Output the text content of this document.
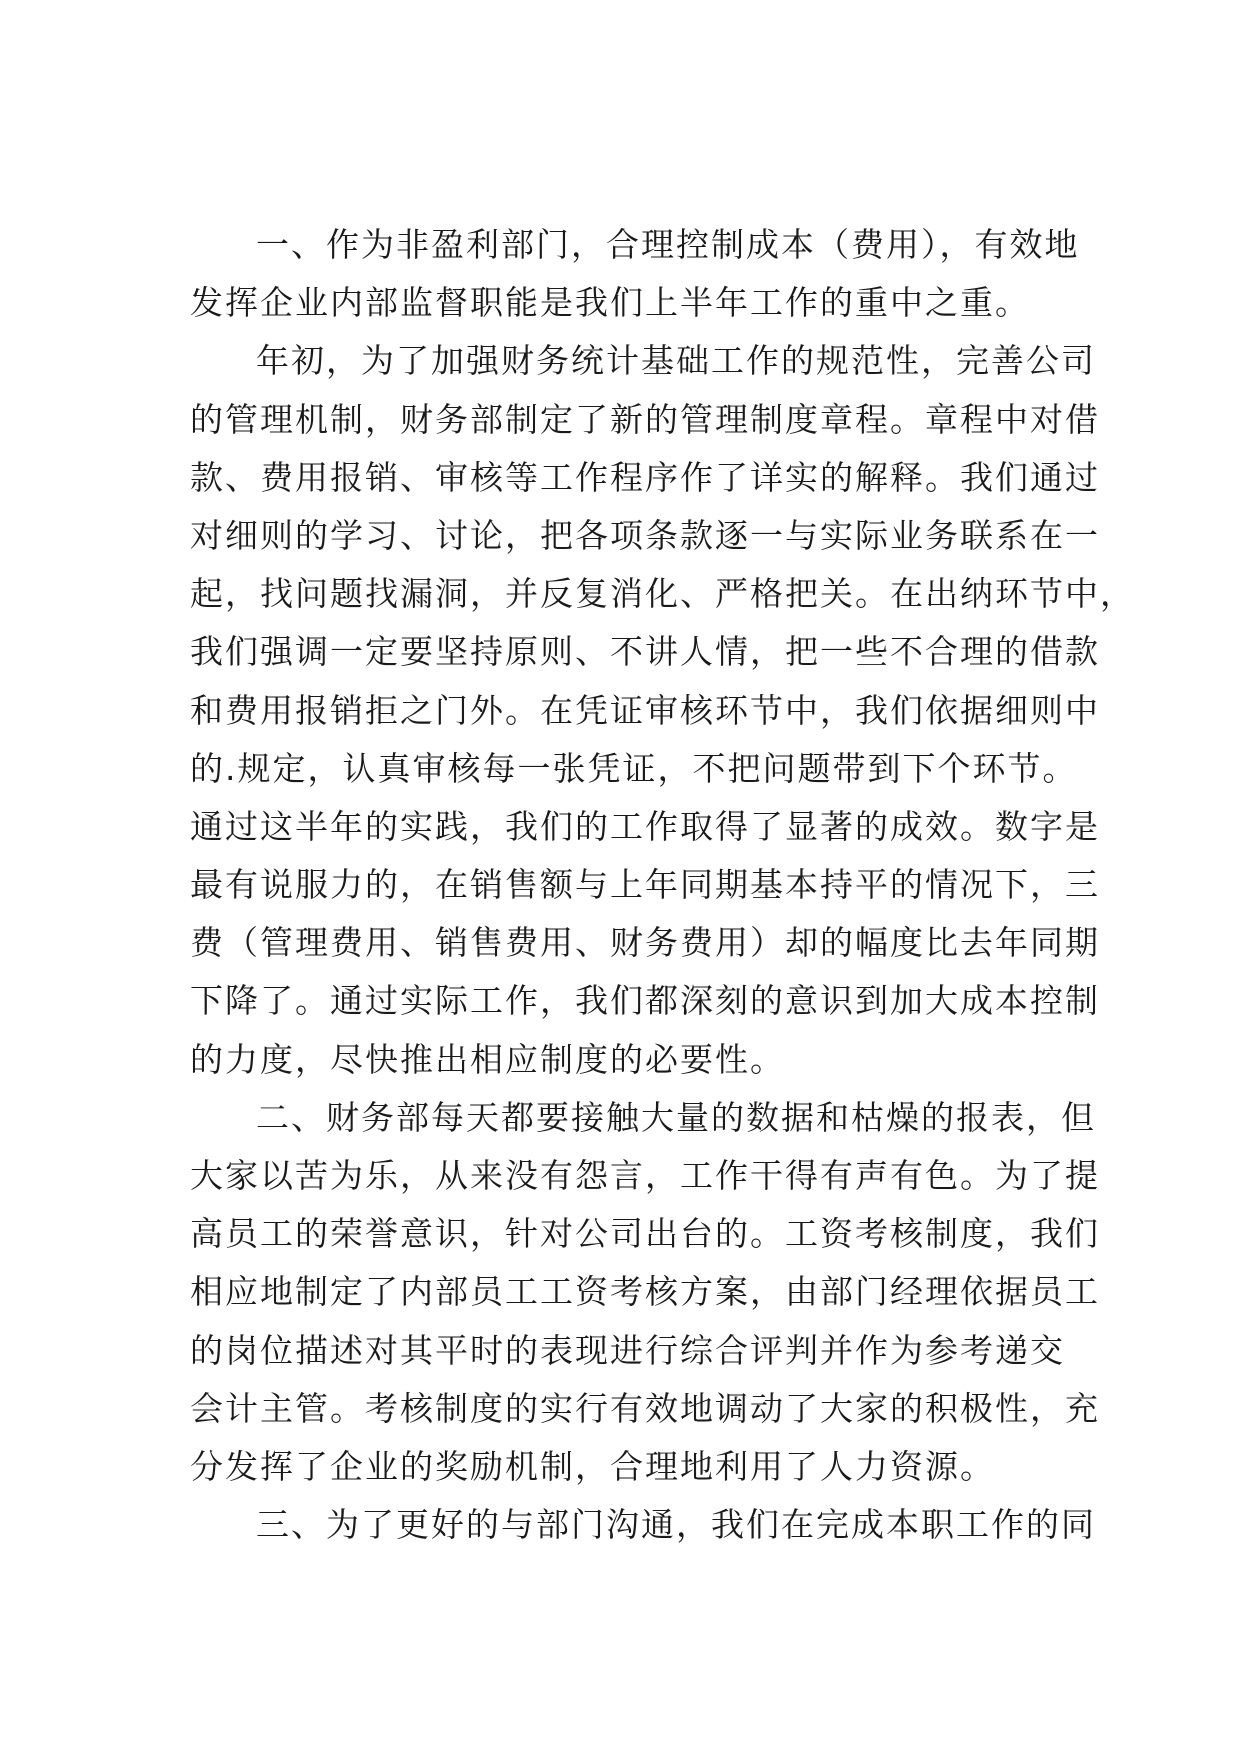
一、作为非盈利部门，合理控制成本（费用），有效地
发挥企业内部监督职能是我们上半年工作的重中之重。
年初，为了加强财务统计基础工作的规范性，完善公司
的管理机制，财务部制定了新的管理制度章程。章程中对借
款、费用报销、审核等工作程序作了详实的解释。我们通过
对细则的学习、讨论，把各项条款逐一与实际业务联系在一
起，找问题找漏洞，并反复消化、严格把关。在出纳环节中，
我们强调一定要坚持原则、不讲人情，把一些不合理的借款
和费用报销拒之门外。在凭证审核环节中，我们依据细则中
的.规定，认真审核每一张凭证，不把问题带到下个环节。
通过这半年的实践，我们的工作取得了显著的成效。数字是
最有说服力的，在销售额与上年同期基本持平的情况下，三
费（管理费用、销售费用、财务费用）却的幅度比去年同期
下降了。通过实际工作，我们都深刻的意识到加大成本控制
的力度，尽快推出相应制度的必要性。
二、财务部每天都要接触大量的数据和枯燥的报表，但
大家以苦为乐，从来没有怨言，工作干得有声有色。为了提
高员工的荣誉意识，针对公司出台的。工资考核制度，我们
相应地制定了内部员工工资考核方案，由部门经理依据员工
的岗位描述对其平时的表现进行综合评判并作为参考递交
会计主管。考核制度的实行有效地调动了大家的积极性，充
分发挥了企业的奖励机制，合理地利用了人力资源。
三、为了更好的与部门沟通，我们在完成本职工作的同
